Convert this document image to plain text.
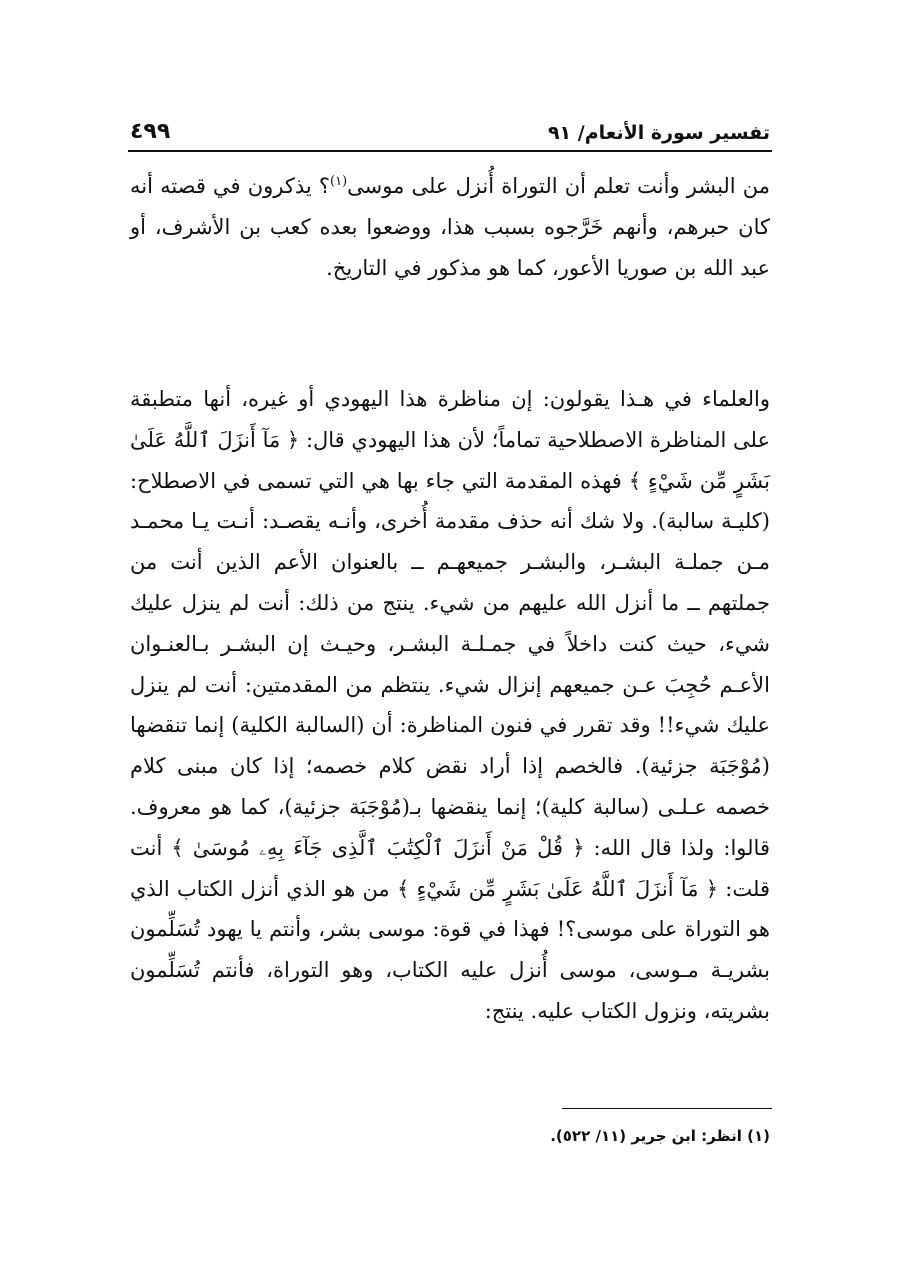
تفسير سورة الأنعام/ ٩١
٤٩٩

من البشر وأنت تعلم أن التوراة أُنزل على موسى$^{(١)}$؟ يذكرون في قصته أنه كان حبرهم، وأنهم خَرَّجوه بسبب هذا، ووضعوا بعده كعب بن الأشرف، أو عبد الله بن صوريا الأعور، كما هو مذكور في التاريخ.

والعلماء في هـذا يقولون: إن مناظرة هذا اليهودي أو غيره، أنها متطبقة على المناظرة الاصطلاحية تماماً؛ لأن هذا اليهودي قال: ﴿ مَآ أَنزَلَ ٱللَّهُ عَلَىٰ بَشَرٍ مِّن شَيْءٍ ﴾ فهذه المقدمة التي جاء بها هي التي تسمى في الاصطلاح: (كليـة سالبة). ولا شك أنه حذف مقدمة أُخرى، وأنـه يقصـد: أنـت يـا محمـد مـن جملـة البشـر، والبشـر جميعهـم ــ بالعنوان الأعم الذين أنت من جملتهم ــ ما أنزل الله عليهم من شيء. ينتج من ذلك: أنت لم ينزل عليك شيء، حيث كنت داخلاً في جمـلـة البشـر، وحيـث إن البشـر بـالعنـوان الأعـم حُجِبَ عـن جميعهم إنزال شيء. ينتظم من المقدمتين: أنت لم ينزل عليك شيء!! وقد تقرر في فنون المناظرة: أن (السالبة الكلية) إنما تنقضها (مُوْجَبَة جزئية). فالخصم إذا أراد نقض كلام خصمه؛ إذا كان مبنى كلام خصمه عـلـى (سالبة كلية)؛ إنما ينقضها بـ(مُوْجَبَة جزئية)، كما هو معروف. قالوا: ولذا قال الله: ﴿ قُلْ مَنْ أَنزَلَ ٱلْكِتَٰبَ ٱلَّذِى جَآءَ بِهِۦ مُوسَىٰ ﴾ أنت قلت: ﴿ مَآ أَنزَلَ ٱللَّهُ عَلَىٰ بَشَرٍ مِّن شَيْءٍ ﴾ من هو الذي أنزل الكتاب الذي هو التوراة على موسى؟! فهذا في قوة: موسى بشر، وأنتم يا يهود تُسَلِّمون بشريـة مـوسى، موسى أُنزل عليه الكتاب، وهو التوراة، فأنتم تُسَلِّمون بشريته، ونزول الكتاب عليه. ينتج:

(١) انظر: ابن جرير (١١/ ٥٢٢).
